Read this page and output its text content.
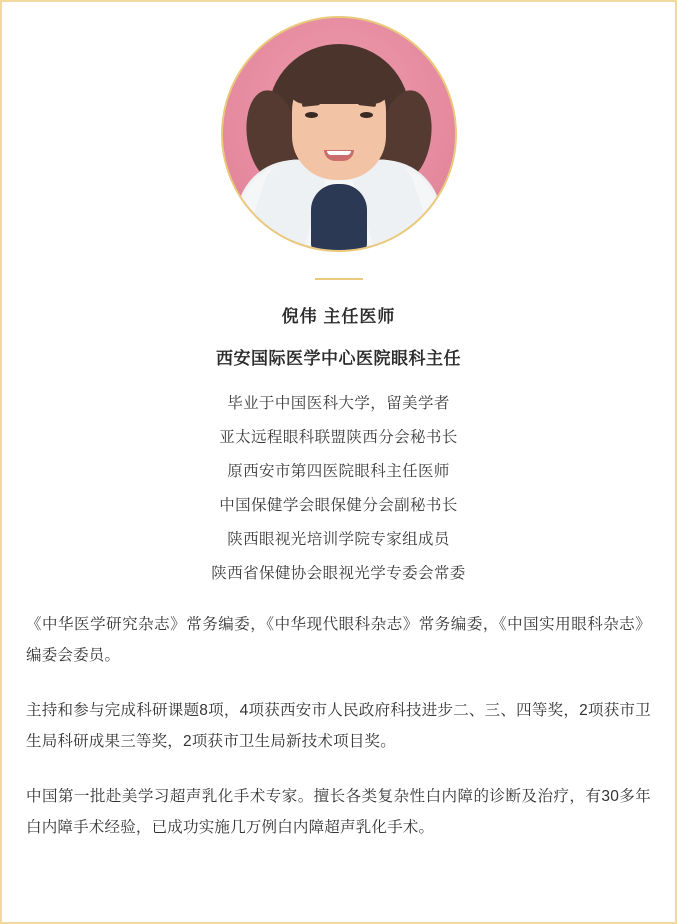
倪伟 主任医师
西安国际医学中心医院眼科主任
毕业于中国医科大学，留美学者
亚太远程眼科联盟陕西分会秘书长
原西安市第四医院眼科主任医师
中国保健学会眼保健分会副秘书长
陕西眼视光培训学院专家组成员
陕西省保健协会眼视光学专委会常委

《中华医学研究杂志》常务编委，《中华现代眼科杂志》常务编委，《中国实用眼科杂志》编委会委员。

主持和参与完成科研课题8项，4项获西安市人民政府科技进步二、三、四等奖，2项获市卫生局科研成果三等奖，2项获市卫生局新技术项目奖。

中国第一批赴美学习超声乳化手术专家。擅长各类复杂性白内障的诊断及治疗，有30多年白内障手术经验，已成功实施几万例白内障超声乳化手术。
